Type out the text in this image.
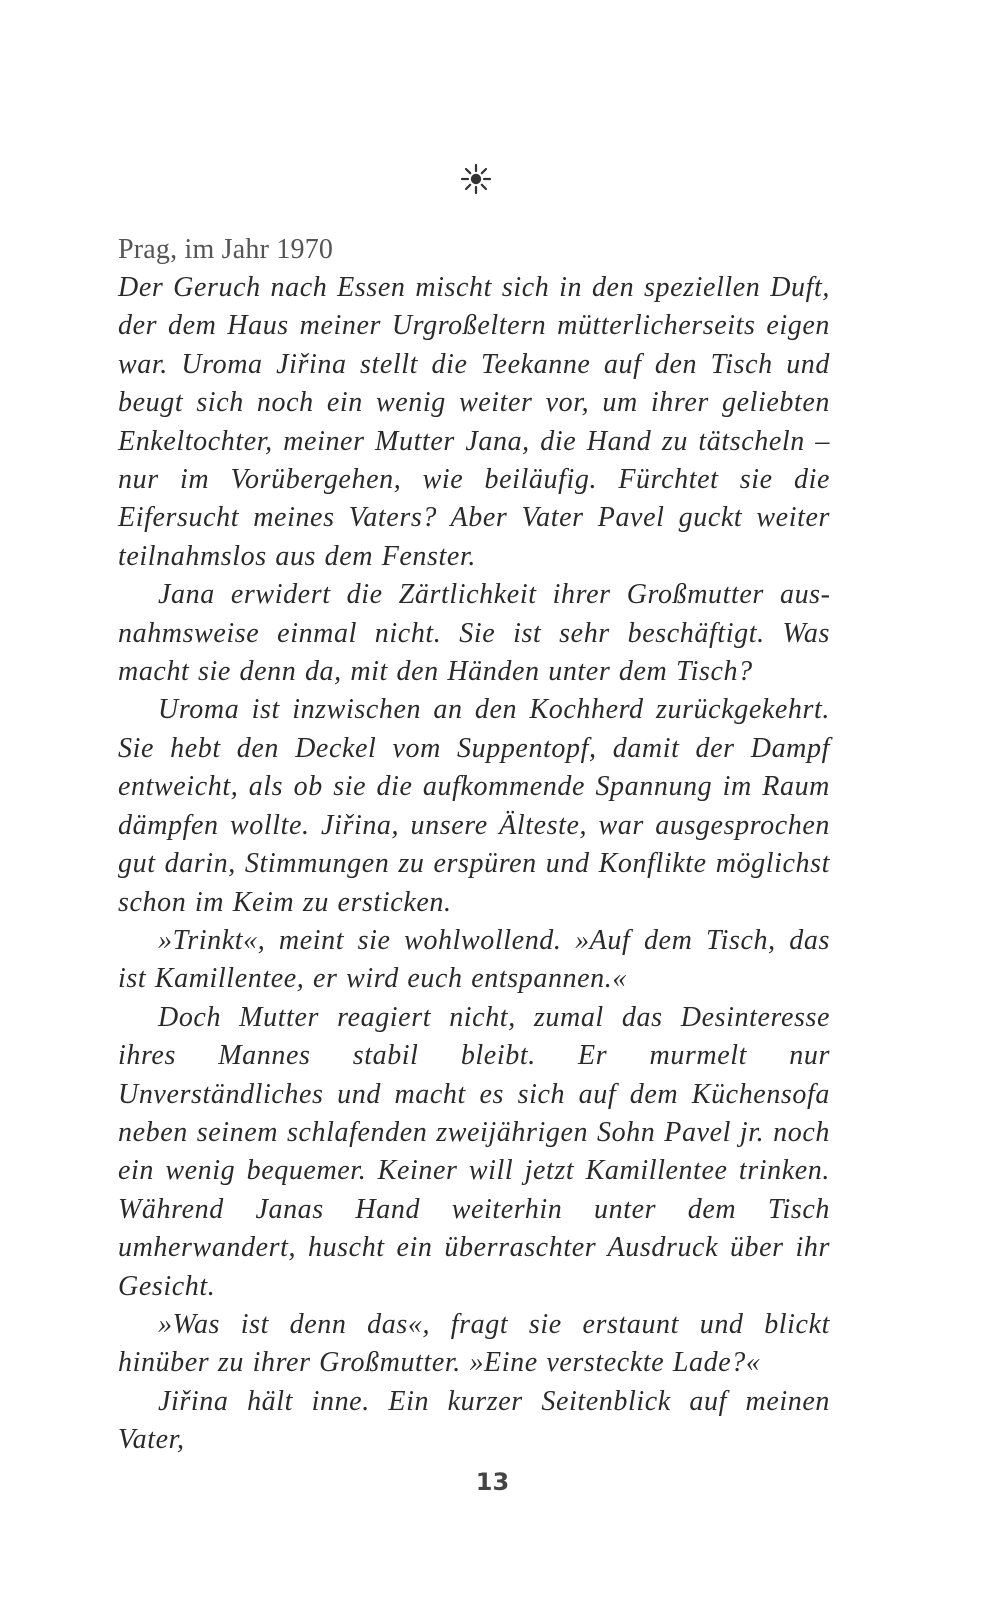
Prag, im Jahr 1970

Der Geruch nach Essen mischt sich in den speziellen Duft, der dem Haus meiner Urgroßeltern mütterlicherseits eigen war. Uroma Jiřina stellt die Teekanne auf den Tisch und beugt sich noch ein wenig weiter vor, um ihrer geliebten Enkeltochter, meiner Mutter Jana, die Hand zu tätscheln – nur im Vorübergehen, wie beiläufig. Fürchtet sie die Eifersucht meines Vaters? Aber Vater Pavel guckt weiter teilnahmslos aus dem Fenster.

Jana erwidert die Zärtlichkeit ihrer Großmutter ausnahmsweise einmal nicht. Sie ist sehr beschäftigt. Was macht sie denn da, mit den Händen unter dem Tisch?

Uroma ist inzwischen an den Kochherd zurückgekehrt. Sie hebt den Deckel vom Suppentopf, damit der Dampf entweicht, als ob sie die aufkommende Spannung im Raum dämpfen wollte. Jiřina, unsere Älteste, war ausgesprochen gut darin, Stimmungen zu erspüren und Konflikte möglichst schon im Keim zu ersticken.

»Trinkt«, meint sie wohlwollend. »Auf dem Tisch, das ist Kamillentee, er wird euch entspannen.«

Doch Mutter reagiert nicht, zumal das Desinteresse ihres Mannes stabil bleibt. Er murmelt nur Unverständliches und macht es sich auf dem Küchensofa neben seinem schlafenden zweijährigen Sohn Pavel jr. noch ein wenig bequemer. Keiner will jetzt Kamillentee trinken. Während Janas Hand weiterhin unter dem Tisch umherwandert, huscht ein überraschter Ausdruck über ihr Gesicht.

»Was ist denn das«, fragt sie erstaunt und blickt hinüber zu ihrer Großmutter. »Eine versteckte Lade?«

Jiřina hält inne. Ein kurzer Seitenblick auf meinen Vater,

13
